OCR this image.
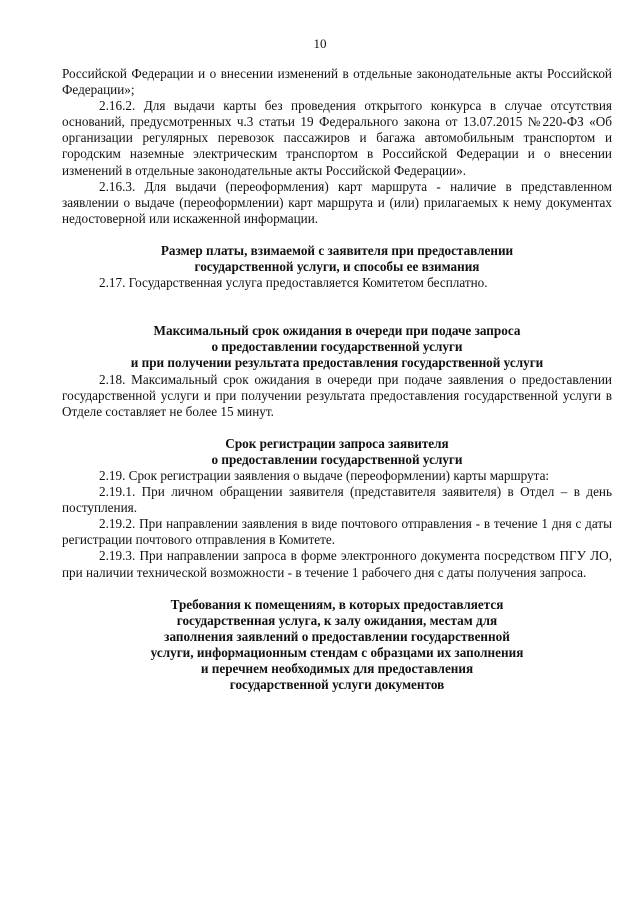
10

Российской Федерации и о внесении изменений в отдельные законодательные акты Российской Федерации»;

2.16.2. Для выдачи карты без проведения открытого конкурса в случае отсутствия оснований, предусмотренных ч.3 статьи 19 Федерального закона от 13.07.2015 №220-ФЗ «Об организации регулярных перевозок пассажиров и багажа автомобильным транспортом и городским наземные электрическим транспортом в Российской Федерации и о внесении изменений в отдельные законодательные акты Российской Федерации».

2.16.3. Для выдачи (переоформления) карт маршрута - наличие в представленном заявлении о выдаче (переоформлении) карт маршрута и (или) прилагаемых к нему документах недостоверной или искаженной информации.

Размер платы, взимаемой с заявителя при предоставлении

государственной услуги, и способы ее взимания

2.17. Государственная услуга предоставляется Комитетом бесплатно.

Максимальный срок ожидания в очереди при подаче запроса

о предоставлении государственной услуги

и при получении результата предоставления государственной услуги

2.18. Максимальный срок ожидания в очереди при подаче заявления о предоставлении государственной услуги и при получении результата предоставления государственной услуги в Отделе составляет не более 15 минут.

Срок регистрации запроса заявителя

о предоставлении государственной услуги

2.19. Срок регистрации заявления о выдаче (переоформлении) карты маршрута:

2.19.1. При личном обращении заявителя (представителя заявителя) в Отдел – в день поступления.

2.19.2. При направлении заявления в виде почтового отправления - в течение 1 дня с даты регистрации почтового отправления в Комитете.

2.19.3. При направлении запроса в форме электронного документа посредством ПГУ ЛО, при наличии технической возможности - в течение 1 рабочего дня с даты получения запроса.

Требования к помещениям, в которых предоставляется

государственная услуга, к залу ожидания, местам для

заполнения заявлений о предоставлении государственной

услуги, информационным стендам с образцами их заполнения

и перечнем необходимых для предоставления

государственной услуги документов
